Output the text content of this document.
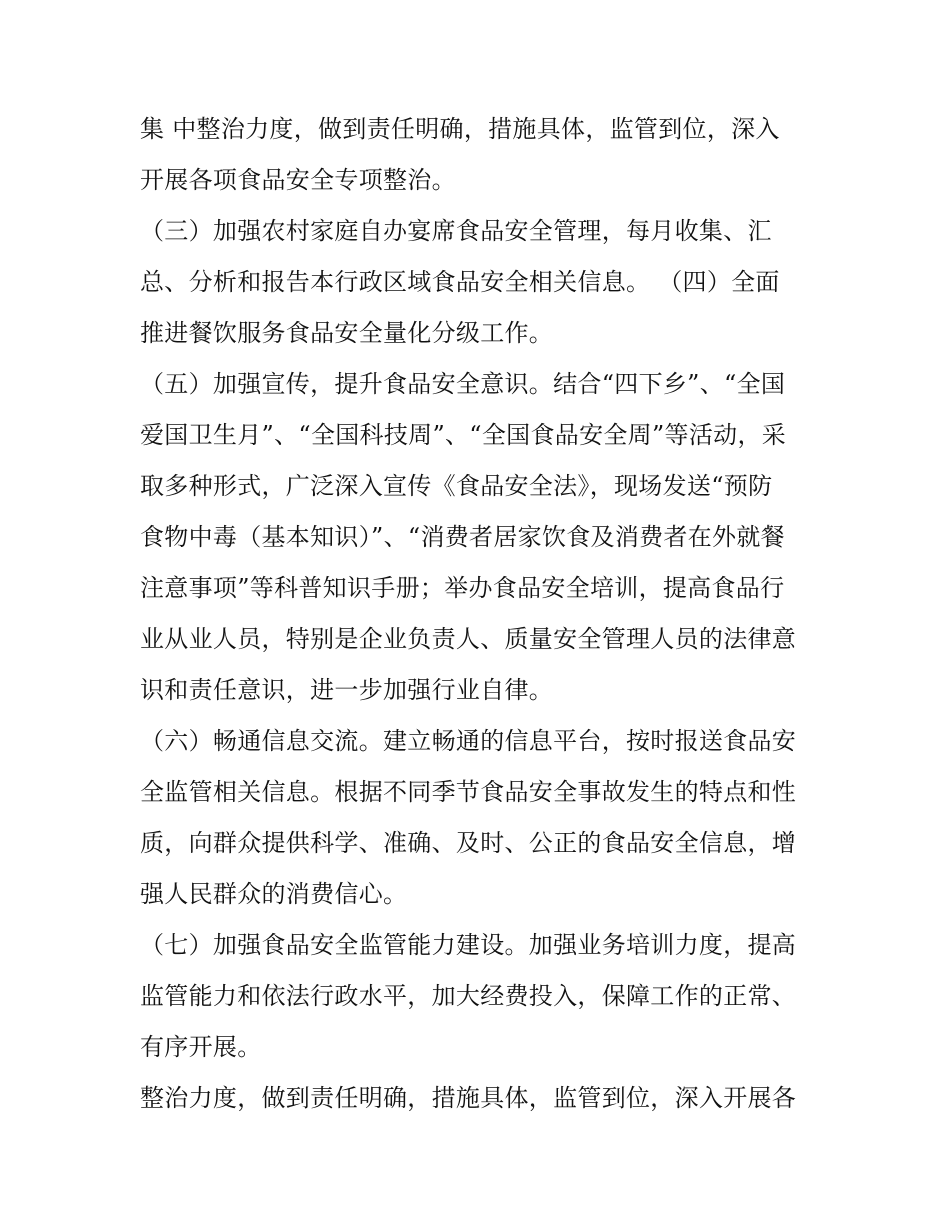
集 中整治力度，做到责任明确，措施具体，监管到位，深入
开展各项食品安全专项整治。
（三）加强农村家庭自办宴席食品安全管理，每月收集、汇
总、分析和报告本行政区域食品安全相关信息。 （四）全面
推进餐饮服务食品安全量化分级工作。
（五）加强宣传，提升食品安全意识。结合“四下乡”、“全国
爱国卫生月”、“全国科技周”、“全国食品安全周”等活动，采
取多种形式，广泛深入宣传《食品安全法》，现场发送“预防
食物中毒（基本知识）”、“消费者居家饮食及消费者在外就餐
注意事项”等科普知识手册；举办食品安全培训，提高食品行
业从业人员，特别是企业负责人、质量安全管理人员的法律意
识和责任意识，进一步加强行业自律。
（六）畅通信息交流。建立畅通的信息平台，按时报送食品安
全监管相关信息。根据不同季节食品安全事故发生的特点和性
质，向群众提供科学、准确、及时、公正的食品安全信息，增
强人民群众的消费信心。
（七）加强食品安全监管能力建设。加强业务培训力度，提高
监管能力和依法行政水平，加大经费投入，保障工作的正常、
有序开展。
整治力度，做到责任明确，措施具体，监管到位，深入开展各
